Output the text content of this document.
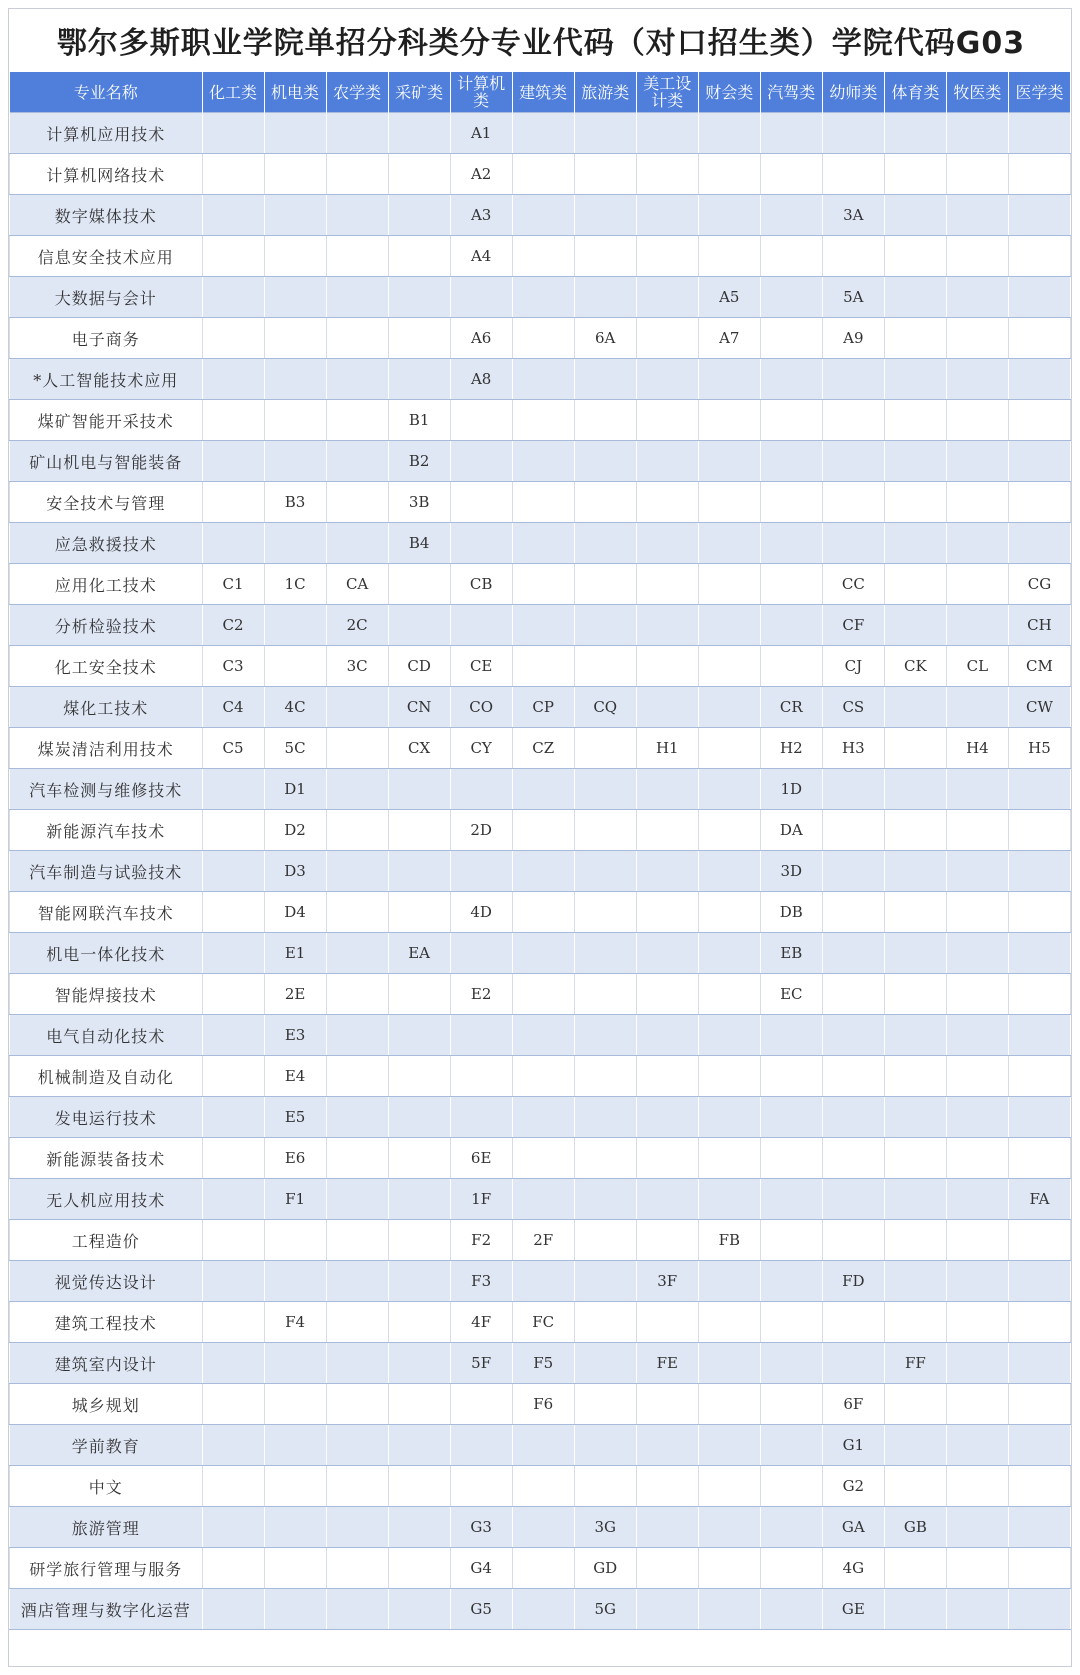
鄂尔多斯职业学院单招分科类分专业代码（对口招生类）学院代码G03
专业名称	化工类	机电类	农学类	采矿类	计算机类	建筑类	旅游类	美工设计类	财会类	汽驾类	幼师类	体育类	牧医类	医学类
计算机应用技术					A1									
计算机网络技术					A2									
数字媒体技术					A3						3A			
信息安全技术应用					A4									
大数据与会计									A5		5A			
电子商务					A6		6A		A7		A9			
*人工智能技术应用					A8									
煤矿智能开采技术				B1										
矿山机电与智能装备				B2										
安全技术与管理		B3		3B										
应急救援技术				B4										
应用化工技术	C1	1C	CA		CB						CC			CG
分析检验技术	C2		2C								CF			CH
化工安全技术	C3		3C	CD	CE						CJ	CK	CL	CM
煤化工技术	C4	4C		CN	CO	CP	CQ			CR	CS			CW
煤炭清洁利用技术	C5	5C		CX	CY	CZ		H1		H2	H3		H4	H5
汽车检测与维修技术		D1								1D				
新能源汽车技术		D2			2D					DA				
汽车制造与试验技术		D3								3D				
智能网联汽车技术		D4			4D					DB				
机电一体化技术		E1		EA						EB				
智能焊接技术		2E			E2					EC				
电气自动化技术		E3												
机械制造及自动化		E4												
发电运行技术		E5												
新能源装备技术		E6			6E									
无人机应用技术		F1			1F									FA
工程造价					F2	2F			FB					
视觉传达设计					F3			3F			FD			
建筑工程技术		F4			4F	FC								
建筑室内设计					5F	F5		FE				FF		
城乡规划						F6					6F			
学前教育											G1			
中文											G2			
旅游管理					G3		3G				GA	GB		
研学旅行管理与服务					G4		GD				4G			
酒店管理与数字化运营					G5		5G				GE			
